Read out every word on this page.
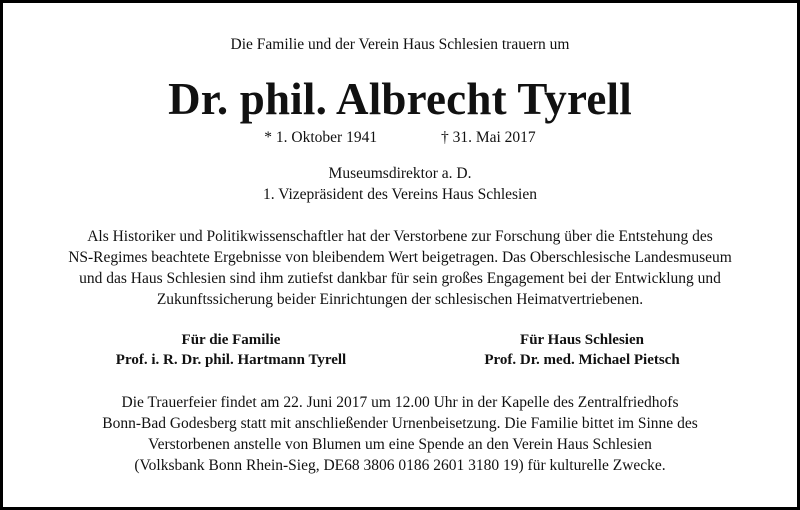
Die Familie und der Verein Haus Schlesien trauern um
Dr. phil. Albrecht Tyrell
* 1. Oktober 1941	† 31. Mai 2017
Museumsdirektor a. D.
1. Vizepräsident des Vereins Haus Schlesien
Als Historiker und Politikwissenschaftler hat der Verstorbene zur Forschung über die Entstehung des
NS-Regimes beachtete Ergebnisse von bleibendem Wert beigetragen. Das Oberschlesische Landesmuseum
und das Haus Schlesien sind ihm zutiefst dankbar für sein großes Engagement bei der Entwicklung und
Zukunftssicherung beider Einrichtungen der schlesischen Heimatvertriebenen.
Für die Familie
Prof. i. R. Dr. phil. Hartmann Tyrell
Für Haus Schlesien
Prof. Dr. med. Michael Pietsch
Die Trauerfeier findet am 22. Juni 2017 um 12.00 Uhr in der Kapelle des Zentralfriedhofs
Bonn-Bad Godesberg statt mit anschließender Urnenbeisetzung. Die Familie bittet im Sinne des
Verstorbenen anstelle von Blumen um eine Spende an den Verein Haus Schlesien
(Volksbank Bonn Rhein-Sieg, DE68 3806 0186 2601 3180 19) für kulturelle Zwecke.
